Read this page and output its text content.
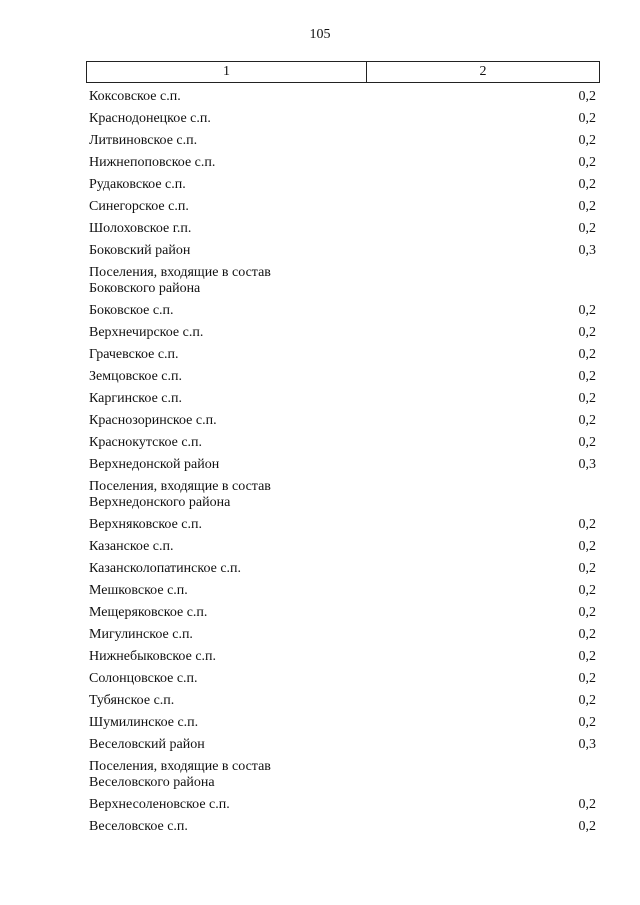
105
1	2
Коксовское с.п.	0,2
Краснодонецкое с.п.	0,2
Литвиновское с.п.	0,2
Нижнепоповское с.п.	0,2
Рудаковское с.п.	0,2
Синегорское с.п.	0,2
Шолоховское г.п.	0,2
Боковский район	0,3
Поселения, входящие в состав
Боковского района
Боковское с.п.	0,2
Верхнечирское с.п.	0,2
Грачевское с.п.	0,2
Земцовское с.п.	0,2
Каргинское с.п.	0,2
Краснозоринское с.п.	0,2
Краснокутское с.п.	0,2
Верхнедонской район	0,3
Поселения, входящие в состав
Верхнедонского района
Верхняковское с.п.	0,2
Казанское с.п.	0,2
Казансколопатинское с.п.	0,2
Мешковское с.п.	0,2
Мещеряковское с.п.	0,2
Мигулинское с.п.	0,2
Нижнебыковское с.п.	0,2
Солонцовское с.п.	0,2
Тубянское с.п.	0,2
Шумилинское с.п.	0,2
Веселовский район	0,3
Поселения, входящие в состав
Веселовского района
Верхнесоленовское с.п.	0,2
Веселовское с.п.	0,2
